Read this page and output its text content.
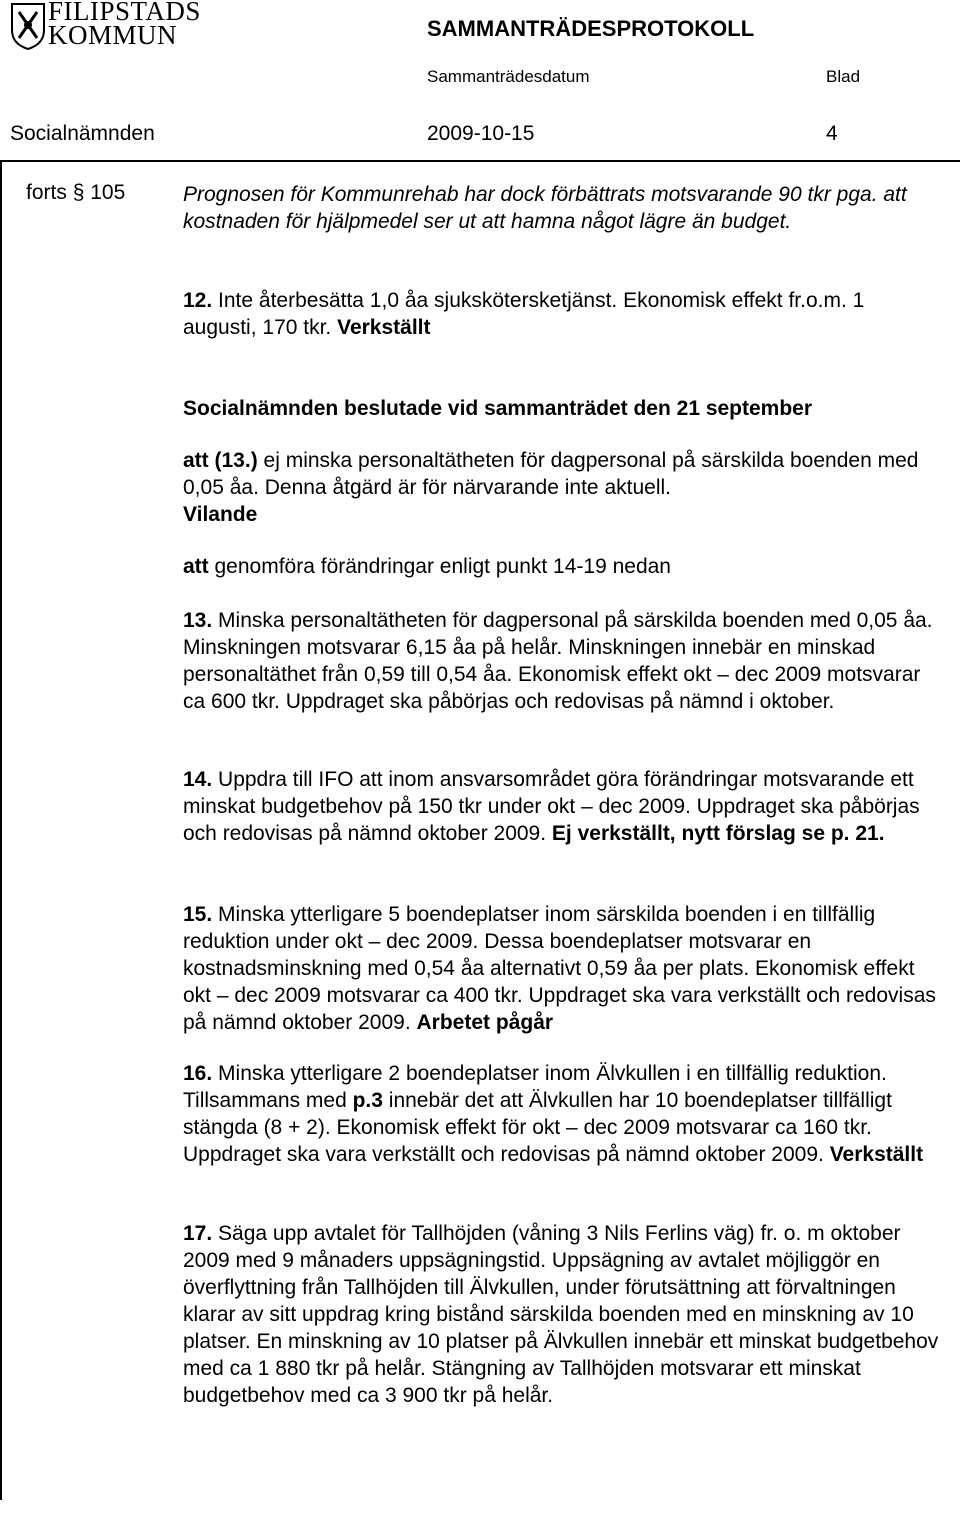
FILIPSTADS
KOMMUN	SAMMANTRÄDESPROTOKOLL
Sammanträdesdatum	Blad
Socialnämnden	2009-10-15	4
forts § 105	Prognosen för Kommunrehab har dock förbättrats motsvarande 90 tkr pga. att kostnaden för hjälpmedel ser ut att hamna något lägre än budget.
12. Inte återbesätta 1,0 åa sjukskötersketjänst. Ekonomisk effekt fr.o.m. 1 augusti, 170 tkr. Verkställt
Socialnämnden beslutade vid sammanträdet den 21 september
att (13.) ej minska personaltätheten för dagpersonal på särskilda boenden med 0,05 åa. Denna åtgärd är för närvarande inte aktuell.
Vilande
att genomföra förändringar enligt punkt 14-19 nedan
13. Minska personaltätheten för dagpersonal på särskilda boenden med 0,05 åa. Minskningen motsvarar 6,15 åa på helår. Minskningen innebär en minskad personaltäthet från 0,59 till 0,54 åa. Ekonomisk effekt okt – dec 2009 motsvarar ca 600 tkr. Uppdraget ska påbörjas och redovisas på nämnd i oktober.
14. Uppdra till IFO att inom ansvarsområdet göra förändringar motsvarande ett minskat budgetbehov på 150 tkr under okt – dec 2009. Uppdraget ska påbörjas och redovisas på nämnd oktober 2009. Ej verkställt, nytt förslag se p. 21.
15. Minska ytterligare 5 boendeplatser inom särskilda boenden i en tillfällig reduktion under okt – dec 2009. Dessa boendeplatser motsvarar en kostnadsminskning med 0,54 åa alternativt 0,59 åa per plats. Ekonomisk effekt okt – dec 2009 motsvarar ca 400 tkr. Uppdraget ska vara verkställt och redovisas på nämnd oktober 2009. Arbetet pågår
16. Minska ytterligare 2 boendeplatser inom Älvkullen i en tillfällig reduktion. Tillsammans med p.3 innebär det att Älvkullen har 10 boendeplatser tillfälligt stängda (8 + 2). Ekonomisk effekt för okt – dec 2009 motsvarar ca 160 tkr. Uppdraget ska vara verkställt och redovisas på nämnd oktober 2009. Verkställt
17. Säga upp avtalet för Tallhöjden (våning 3 Nils Ferlins väg) fr. o. m oktober 2009 med 9 månaders uppsägningstid. Uppsägning av avtalet möjliggör en överflyttning från Tallhöjden till Älvkullen, under förutsättning att förvaltningen klarar av sitt uppdrag kring bistånd särskilda boenden med en minskning av 10 platser. En minskning av 10 platser på Älvkullen innebär ett minskat budgetbehov med ca 1 880 tkr på helår. Stängning av Tallhöjden motsvarar ett minskat budgetbehov med ca 3 900 tkr på helår.
